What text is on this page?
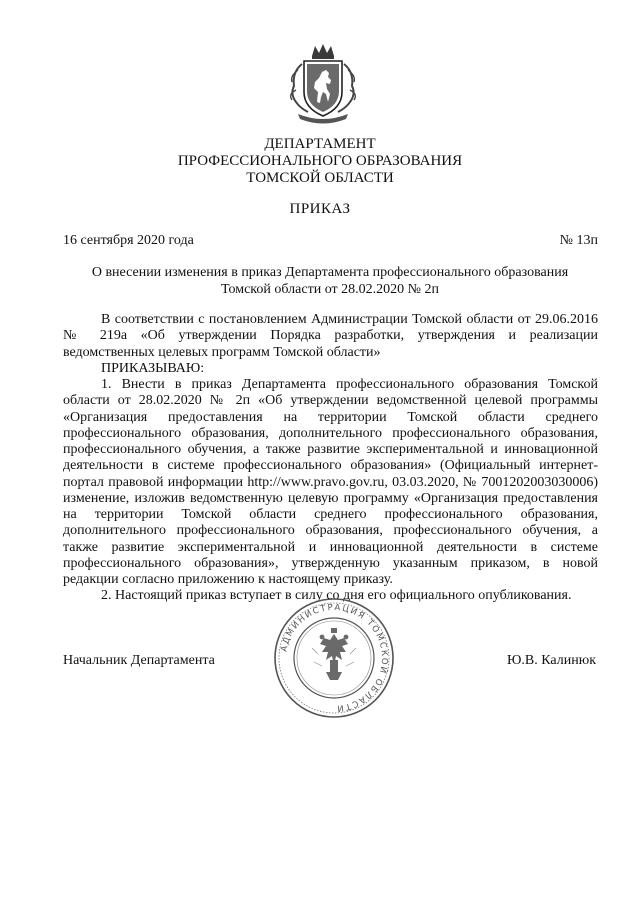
ДЕПАРТАМЕНТ
ПРОФЕССИОНАЛЬНОГО ОБРАЗОВАНИЯ
ТОМСКОЙ ОБЛАСТИ
ПРИКАЗ
16 сентября 2020 года	№ 13п
О внесении изменения в приказ Департамента профессионального образования
Томской области от 28.02.2020 № 2п

В соответствии с постановлением Администрации Томской области от 29.06.2016 № 219а «Об утверждении Порядка разработки, утверждения и реализации ведомственных целевых программ Томской области»

ПРИКАЗЫВАЮ:

1. Внести в приказ Департамента профессионального образования Томской области от 28.02.2020 № 2п «Об утверждении ведомственной целевой программы «Организация предоставления на территории Томской области среднего профессионального образования, дополнительного профессионального образования, профессионального обучения, а также развитие экспериментальной и инновационной деятельности в системе профессионального образования» (Официальный интернет-портал правовой информации http://www.pravo.gov.ru, 03.03.2020, № 7001202003030006) изменение, изложив ведомственную целевую программу «Организация предоставления на территории Томской области среднего профессионального образования, дополнительного профессионального образования, профессионального обучения, а также развитие экспериментальной и инновационной деятельности в системе профессионального образования», утвержденную указанным приказом, в новой редакции согласно приложению к настоящему приказу.

2. Настоящий приказ вступает в силу со дня его официального опубликования.

Начальник Департамента	Ю.В. Калинюк
АДМИНИСТРАЦИЯ ТОМСКОЙ ОБЛАСТИ
